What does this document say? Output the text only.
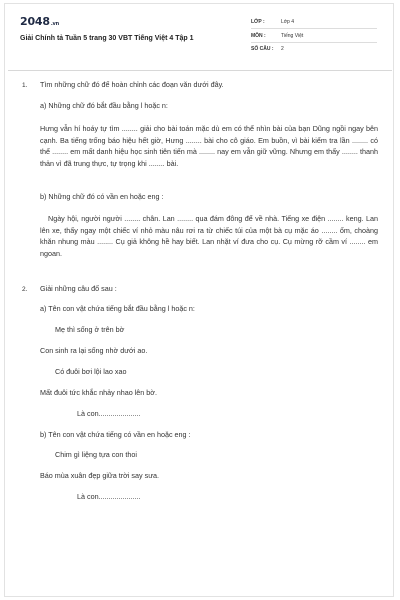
2048.vn
Giải Chính tả Tuần 5 trang 30 VBT Tiếng Việt 4 Tập 1
LỚP :	Lớp 4
MÔN :	Tiếng Việt
SỐ CÂU : 2
1. Tìm những chữ đó để hoàn chỉnh các đoạn văn dưới đây.
a) Những chữ đó bắt đầu bằng l hoặc n:
Hưng vẫn hí hoáy tự tìm ........ giải cho bài toán mặc dù em có thể nhìn bài của bạn Dũng ngồi ngay bên cạnh. Ba tiếng trống báo hiệu hết giờ, Hưng ........ bài cho cô giáo. Em buồn, vì bài kiểm tra lần ........ có thể ........ em mất danh hiệu học sinh tiên tiến mà ........ nay em vẫn giữ vững. Nhưng em thấy ........ thanh thản vì đã trung thực, tự trọng khi ........ bài.
b) Những chữ đó có vần en hoặc eng :
Ngày hội, người người ........ chân. Lan ........ qua đám đông để về nhà. Tiếng xe điện ........ keng. Lan lên xe, thấy ngay một chiếc ví nhỏ màu nâu rơi ra từ chiếc túi của một bà cụ mặc áo ........ ốm, choàng khăn nhung màu ........ Cụ giả không hề hay biết. Lan nhặt ví đưa cho cụ. Cụ mừng rỡ cầm ví ........ em ngoan.
2. Giải những câu đố sau :
a) Tên con vật chứa tiếng bắt đầu bằng l hoặc n:
Mẹ thì sống ở trên bờ
Con sinh ra lại sống nhờ dưới ao.
Có đuôi bơi lội lao xao
Mất đuôi tức khắc nhảy nhao lên bờ.
Là con.....................
b) Tên con vật chứa tiếng có vần en hoặc eng :
Chim gì liệng tựa con thoi
Báo mùa xuân đẹp giữa trời say sưa.
Là con.....................
